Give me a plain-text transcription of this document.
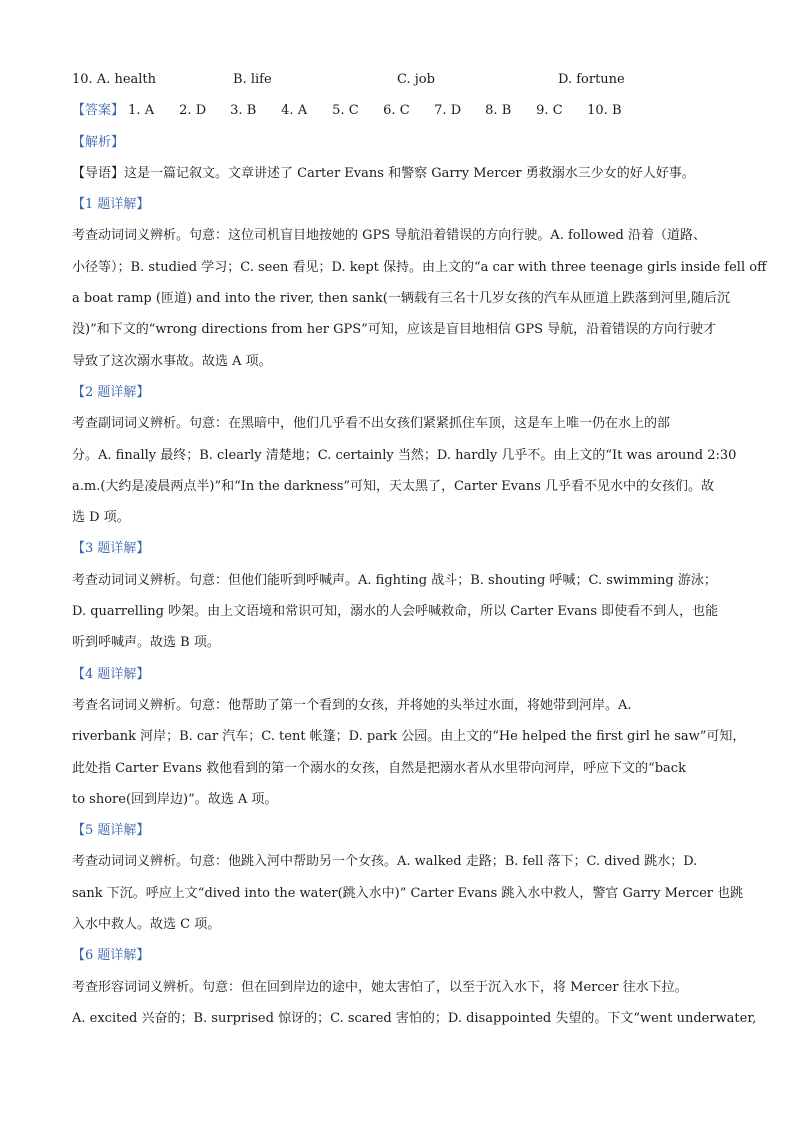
10. A. health	B. life	C. job	D. fortune
【答案】 1. A 2. D 3. B 4. A 5. C 6. C 7. D 8. B 9. C 10. B
【解析】
【导语】这是一篇记叙文。文章讲述了 Carter Evans 和警察 Garry Mercer 勇救溺水三少女的好人好事。
【1 题详解】
考查动词词义辨析。句意：这位司机盲目地按她的 GPS 导航沿着错误的方向行驶。A. followed 沿着（道路、
小径等）；B. studied 学习；C. seen 看见；D. kept 保持。由上文的“a car with three teenage girls inside fell off
a boat ramp (匝道) and into the river, then sank(一辆载有三名十几岁女孩的汽车从匝道上跌落到河里,随后沉
没)”和下文的“wrong directions from her GPS”可知，应该是盲目地相信 GPS 导航，沿着错误的方向行驶才
导致了这次溺水事故。故选 A 项。
【2 题详解】
考查副词词义辨析。句意：在黑暗中，他们几乎看不出女孩们紧紧抓住车顶，这是车上唯一仍在水上的部
分。A. finally 最终；B. clearly 清楚地；C. certainly 当然；D. hardly 几乎不。由上文的“It was around 2:30
a.m.(大约是凌晨两点半)”和“In the darkness”可知，天太黑了，Carter Evans 几乎看不见水中的女孩们。故
选 D 项。
【3 题详解】
考查动词词义辨析。句意：但他们能听到呼喊声。A. fighting 战斗；B. shouting 呼喊；C. swimming 游泳；
D. quarrelling 吵架。由上文语境和常识可知，溺水的人会呼喊救命，所以 Carter Evans 即使看不到人，也能
听到呼喊声。故选 B 项。
【4 题详解】
考查名词词义辨析。句意：他帮助了第一个看到的女孩，并将她的头举过水面，将她带到河岸。A.
riverbank 河岸；B. car 汽车；C. tent 帐篷；D. park 公园。由上文的“He helped the first girl he saw”可知，
此处指 Carter Evans 救他看到的第一个溺水的女孩，自然是把溺水者从水里带向河岸，呼应下文的“back
to shore(回到岸边)”。故选 A 项。
【5 题详解】
考查动词词义辨析。句意：他跳入河中帮助另一个女孩。A. walked 走路；B. fell 落下；C. dived 跳水；D.
sank 下沉。呼应上文“dived into the water(跳入水中)” Carter Evans 跳入水中救人，警官 Garry Mercer 也跳
入水中救人。故选 C 项。
【6 题详解】
考查形容词词义辨析。句意：但在回到岸边的途中，她太害怕了，以至于沉入水下，将 Mercer 往水下拉。
A. excited 兴奋的；B. surprised 惊讶的；C. scared 害怕的；D. disappointed 失望的。下文“went underwater,
